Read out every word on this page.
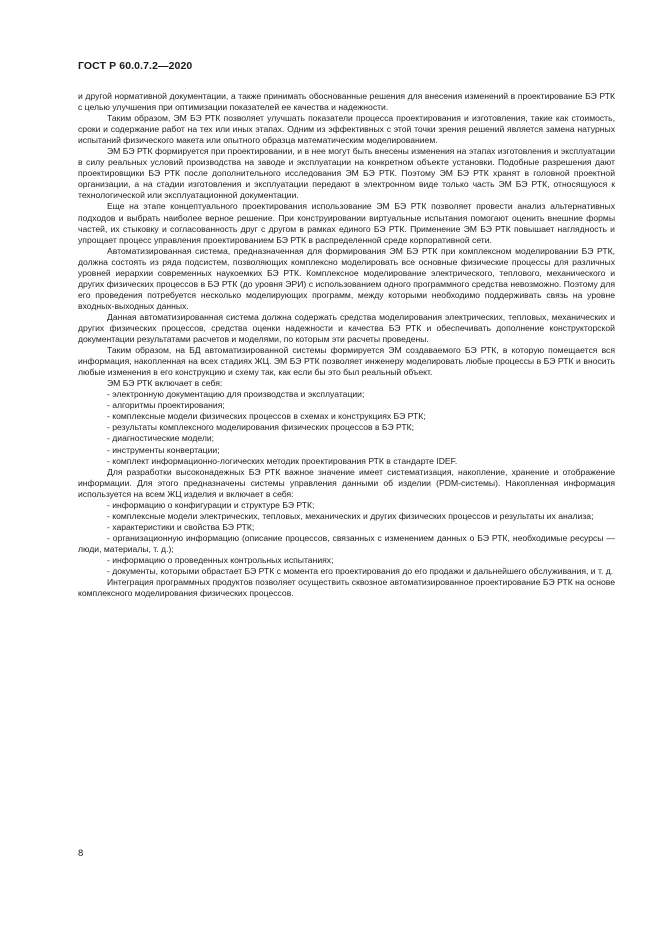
ГОСТ Р 60.0.7.2—2020

и другой нормативной документации, а также принимать обоснованные решения для внесения изменений в проектирование БЭ РТК с целью улучшения при оптимизации показателей ее качества и надежности.

Таким образом, ЭМ БЭ РТК позволяет улучшать показатели процесса проектирования и изготовления, такие как стоимость, сроки и содержание работ на тех или иных этапах. Одним из эффективных с этой точки зрения решений является замена натурных испытаний физического макета или опытного образца математическим моделированием.

ЭМ БЭ РТК формируется при проектировании, и в нее могут быть внесены изменения на этапах изготовления и эксплуатации в силу реальных условий производства на заводе и эксплуатации на конкретном объекте установки. Подобные разрешения дают проектировщики БЭ РТК после дополнительного исследования ЭМ БЭ РТК. Поэтому ЭМ БЭ РТК хранят в головной проектной организации, а на стадии изготовления и эксплуатации передают в электронном виде только часть ЭМ БЭ РТК, относящуюся к технологической или эксплуатационной документации.

Еще на этапе концептуального проектирования использование ЭМ БЭ РТК позволяет провести анализ альтернативных подходов и выбрать наиболее верное решение. При конструировании виртуальные испытания помогают оценить внешние формы частей, их стыковку и согласованность друг с другом в рамках единого БЭ РТК. Применение ЭМ БЭ РТК повышает наглядность и упрощает процесс управления проектированием БЭ РТК в распределенной среде корпоративной сети.

Автоматизированная система, предназначенная для формирования ЭМ БЭ РТК при комплексном моделировании БЭ РТК, должна состоять из ряда подсистем, позволяющих комплексно моделировать все основные физические процессы для различных уровней иерархии современных наукоемких БЭ РТК. Комплексное моделирование электрического, теплового, механического и других физических процессов в БЭ РТК (до уровня ЭРИ) с использованием одного программного средства невозможно. Поэтому для его проведения потребуется несколько моделирующих программ, между которыми необходимо поддерживать связь на уровне входных-выходных данных.

Данная автоматизированная система должна содержать средства моделирования электрических, тепловых, механических и других физических процессов, средства оценки надежности и качества БЭ РТК и обеспечивать дополнение конструкторской документации результатами расчетов и моделями, по которым эти расчеты проведены.

Таким образом, на БД автоматизированной системы формируется ЭМ создаваемого БЭ РТК, в которую помещается вся информация, накопленная на всех стадиях ЖЦ. ЭМ БЭ РТК позволяет инженеру моделировать любые процессы в БЭ РТК и вносить любые изменения в его конструкцию и схему так, как если бы это был реальный объект.

ЭМ БЭ РТК включает в себя:

- электронную документацию для производства и эксплуатации;

- алгоритмы проектирования;

- комплексные модели физических процессов в схемах и конструкциях БЭ РТК;

- результаты комплексного моделирования физических процессов в БЭ РТК;

- диагностические модели;

- инструменты конвертации;

- комплект информационно-логических методик проектирования РТК в стандарте IDEF.

Для разработки высоконадежных БЭ РТК важное значение имеет систематизация, накопление, хранение и отображение информации. Для этого предназначены системы управления данными об изделии (PDM-системы). Накопленная информация используется на всем ЖЦ изделия и включает в себя:

- информацию о конфигурации и структуре БЭ РТК;

- комплексные модели электрических, тепловых, механических и других физических процессов и результаты их анализа;

- характеристики и свойства БЭ РТК;

- организационную информацию (описание процессов, связанных с изменением данных о БЭ РТК, необходимые ресурсы — люди, материалы, т. д.);

- информацию о проведенных контрольных испытаниях;

- документы, которыми обрастает БЭ РТК с момента его проектирования до его продажи и дальнейшего обслуживания, и т. д.

Интеграция программных продуктов позволяет осуществить сквозное автоматизированное проектирование БЭ РТК на основе комплексного моделирования физических процессов.

8
